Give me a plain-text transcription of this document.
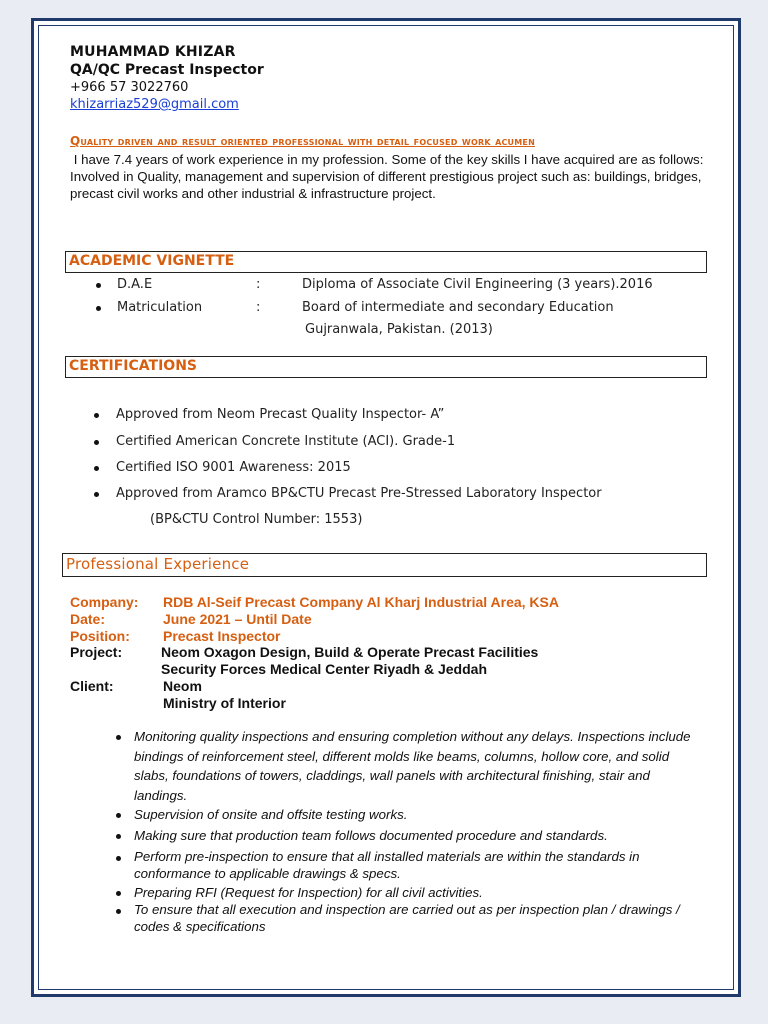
MUHAMMAD KHIZAR
QA/QC Precast Inspector
+966 57 3022760
khizarriaz529@gmail.com
Quality driven and result oriented professional with detail focused work acumen
I have 7.4 years of work experience in my profession. Some of the key skills I have acquired are as follows: Involved in Quality, management and supervision of different prestigious project such as: buildings, bridges, precast civil works and other industrial & infrastructure project.
ACADEMIC VIGNETTE
D.A.E	:	Diploma of Associate Civil Engineering (3 years).2016
Matriculation	:	Board of intermediate and secondary Education
Gujranwala, Pakistan. (2013)
CERTIFICATIONS
Approved from Neom Precast Quality Inspector- A”
Certified American Concrete Institute (ACI). Grade-1
Certified ISO 9001 Awareness: 2015
Approved from Aramco BP&CTU Precast Pre-Stressed Laboratory Inspector
(BP&CTU Control Number: 1553)
Professional Experience
Company: RDB Al-Seif Precast Company Al Kharj Industrial Area, KSA
Date:	June 2021 – Until Date
Position: Precast Inspector
Project:	Neom Oxagon Design, Build & Operate Precast Facilities
Security Forces Medical Center Riyadh & Jeddah
Client:	Neom
Ministry of Interior
Monitoring quality inspections and ensuring completion without any delays. Inspections include bindings of reinforcement steel, different molds like beams, columns, hollow core, and solid slabs, foundations of towers, claddings, wall panels with architectural finishing, stair and landings.
Supervision of onsite and offsite testing works.
Making sure that production team follows documented procedure and standards.
Perform pre-inspection to ensure that all installed materials are within the standards in conformance to applicable drawings & specs.
Preparing RFI (Request for Inspection) for all civil activities.
To ensure that all execution and inspection are carried out as per inspection plan / drawings / codes & specifications
